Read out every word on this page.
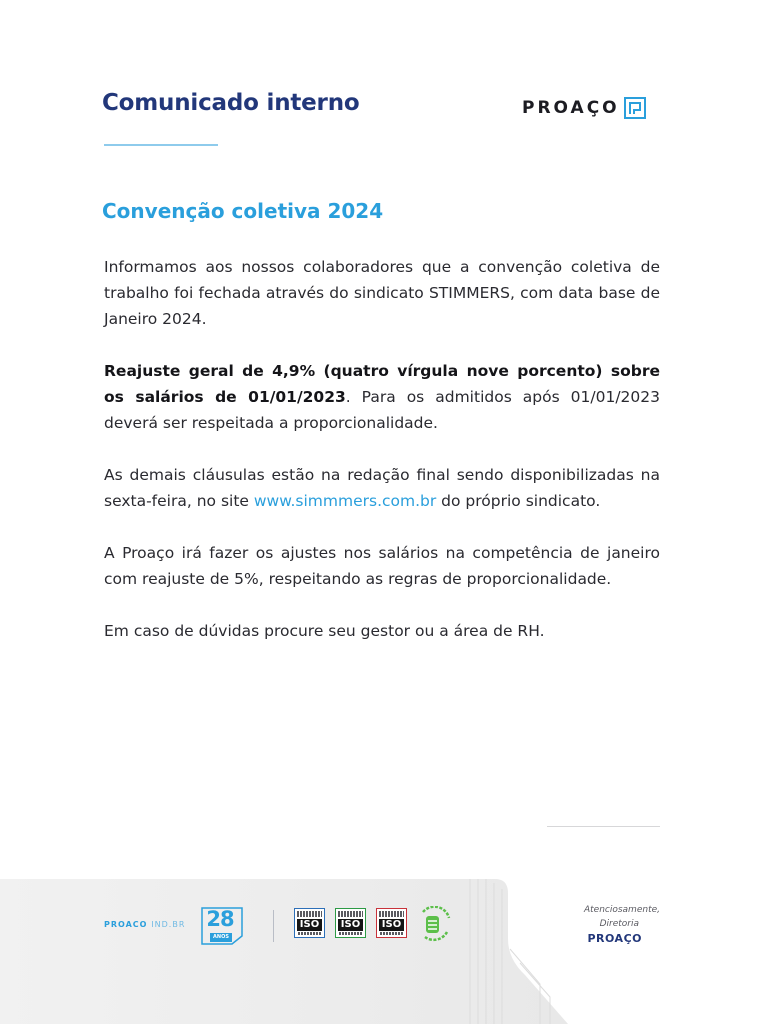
Comunicado interno	PROAÇO
Convenção coletiva 2024

Informamos aos nossos colaboradores que a convenção coletiva de trabalho foi fechada através do sindicato STIMMERS, com data base de Janeiro 2024.

Reajuste geral de 4,9% (quatro vírgula nove porcento) sobre os salários de 01/01/2023. Para os admitidos após 01/01/2023 deverá ser respeitada a proporcionalidade.

As demais cláusulas estão na redação final sendo disponibilizadas na sexta-feira, no site www.simmmers.com.br do próprio sindicato.

A Proaço irá fazer os ajustes nos salários na competência de janeiro com reajuste de 5%, respeitando as regras de proporcionalidade.

Em caso de dúvidas procure seu gestor ou a área de RH.

PROACO IND.BR	28
ANOS
ISO ISO ISO
Atenciosamente,
Diretoria
PROAÇO
